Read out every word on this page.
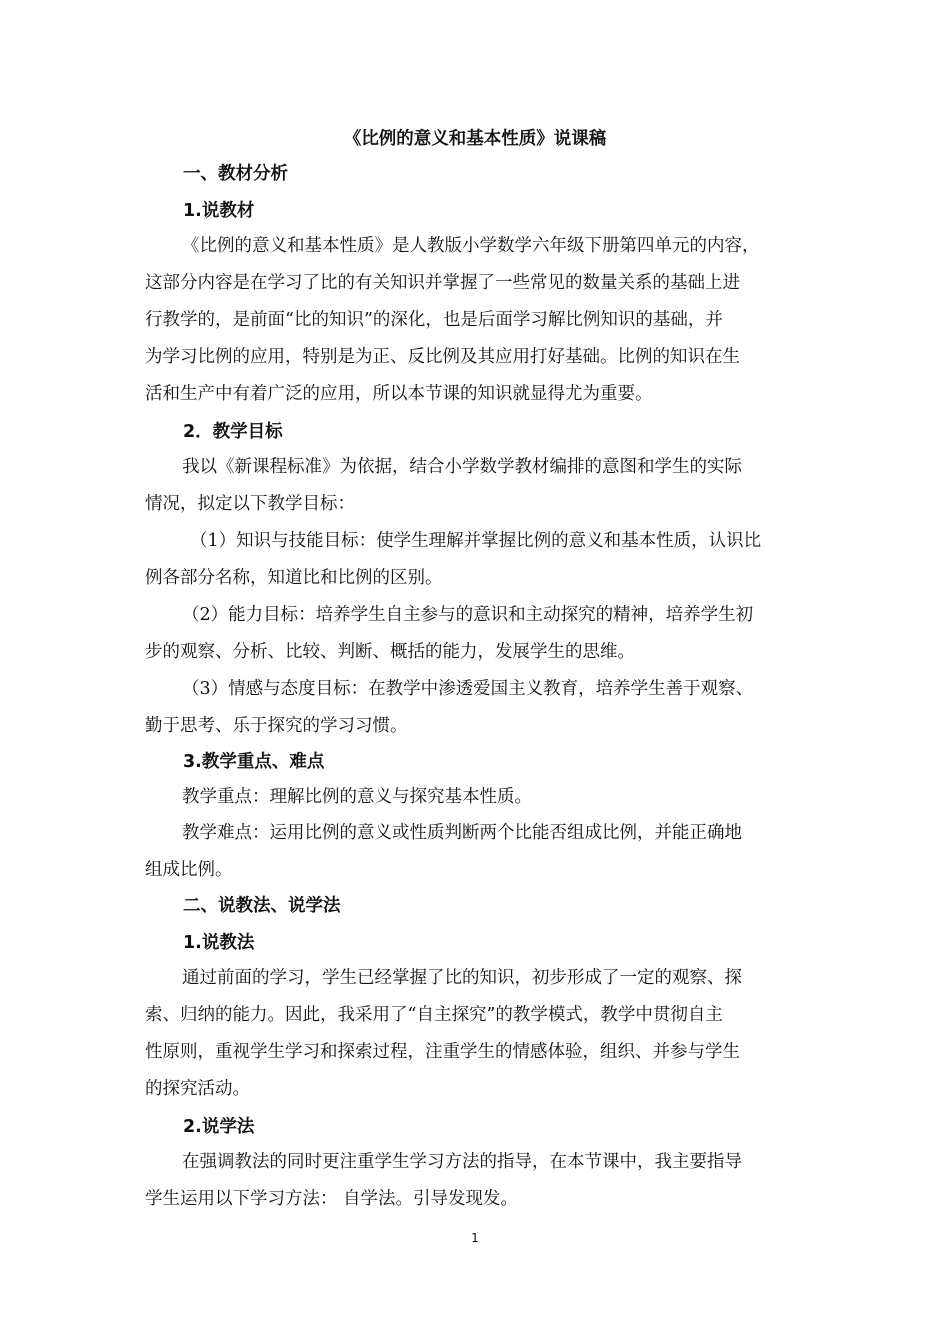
《比例的意义和基本性质》说课稿
一、教材分析
1.说教材

《比例的意义和基本性质》是人教版小学数学六年级下册第四单元的内容，
这部分内容是在学习了比的有关知识并掌握了一些常见的数量关系的基础上进
行教学的，是前面“比的知识”的深化，也是后面学习解比例知识的基础，并
为学习比例的应用，特别是为正、反比例及其应用打好基础。比例的知识在生
活和生产中有着广泛的应用，所以本节课的知识就显得尤为重要。

2．教学目标

我以《新课程标准》为依据，结合小学数学教材编排的意图和学生的实际
情况，拟定以下教学目标：

（1）知识与技能目标：使学生理解并掌握比例的意义和基本性质，认识比
例各部分名称，知道比和比例的区别。

（2）能力目标：培养学生自主参与的意识和主动探究的精神，培养学生初
步的观察、分析、比较、判断、概括的能力，发展学生的思维。

（3）情感与态度目标：在教学中渗透爱国主义教育，培养学生善于观察、
勤于思考、乐于探究的学习习惯。

3.教学重点、难点

教学重点：理解比例的意义与探究基本性质。

教学难点：运用比例的意义或性质判断两个比能否组成比例，并能正确地
组成比例。

二、说教法、说学法
1.说教法

通过前面的学习，学生已经掌握了比的知识，初步形成了一定的观察、探
索、归纳的能力。因此，我采用了“自主探究”的教学模式，教学中贯彻自主
性原则，重视学生学习和探索过程，注重学生的情感体验，组织、并参与学生
的探究活动。

2.说学法

在强调教法的同时更注重学生学习方法的指导，在本节课中，我主要指导
学生运用以下学习方法： 自学法。引导发现发。

1
